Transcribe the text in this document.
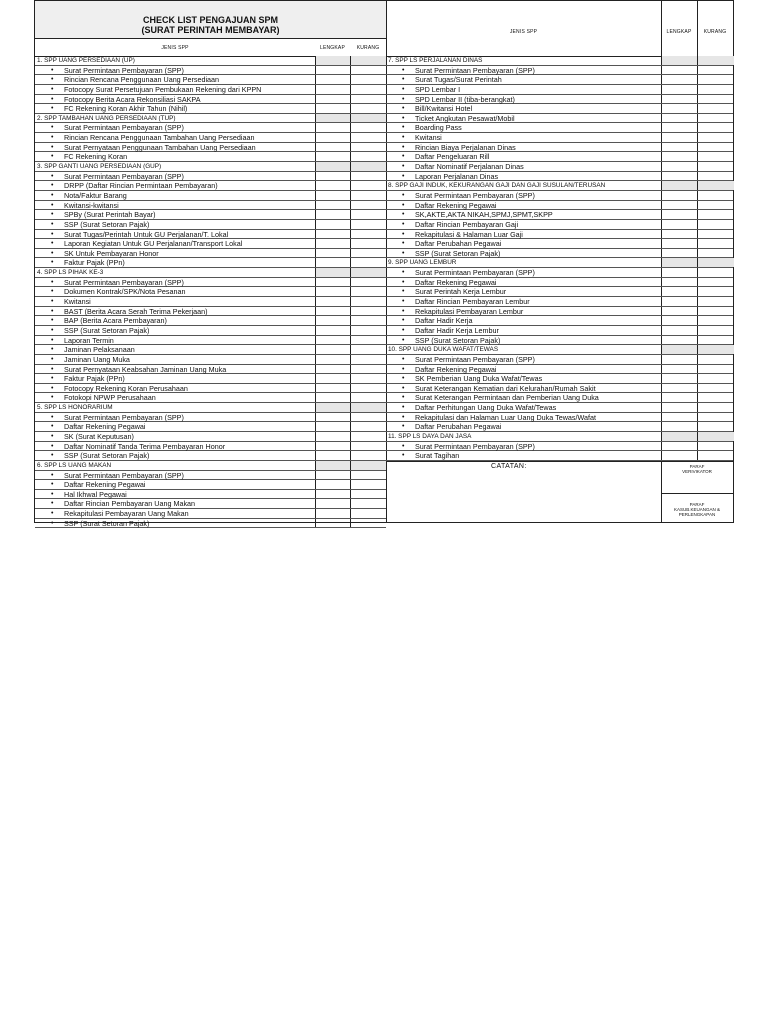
CHECK LIST PENGAJUAN SPM
(SURAT PERINTAH MEMBAYAR)
JENIS SPP	LENGKAP	KURANG
1. SPP UANG PERSEDIAAN (UP)
• Surat Permintaan Pembayaran (SPP)
• Rincian Rencana Penggunaan Uang Persediaan
• Fotocopy Surat Persetujuan Pembukaan Rekening dari KPPN
• Fotocopy Berita Acara Rekonsiliasi SAKPA
• FC Rekening Koran Akhir Tahun (Nihil)
2. SPP TAMBAHAN UANG PERSEDIAAN (TUP)
• Surat Permintaan Pembayaran (SPP)
• Rincian Rencana Penggunaan Tambahan Uang Persediaan
• Surat Pernyataan Penggunaan Tambahan Uang Persediaan
• FC Rekening Koran
3. SPP GANTI UANG PERSEDIAAN (GUP)
• Surat Permintaan Pembayaran (SPP)
• DRPP (Daftar Rincian Permintaan Pembayaran)
• Nota/Faktur Barang
• Kwitansi-kwitansi
• SPBy (Surat Perintah Bayar)
• SSP (Surat Setoran Pajak)
• Surat Tugas/Perintah Untuk GU Perjalanan/T. Lokal
• Laporan Kegiatan Untuk GU Perjalanan/Transport Lokal
• SK Untuk Pembayaran Honor
• Faktur Pajak (PPn)
4. SPP LS PIHAK KE-3
• Surat Permintaan Pembayaran (SPP)
• Dokumen Kontrak/SPK/Nota Pesanan
• Kwitansi
• BAST (Berita Acara Serah Terima Pekerjaan)
• BAP (Berita Acara Pembayaran)
• SSP (Surat Setoran Pajak)
• Laporan Termin
• Jaminan Pelaksanaan
• Jaminan Uang Muka
• Surat Pernyataan Keabsahan Jaminan Uang Muka
• Faktur Pajak (PPn)
• Fotocopy Rekening Koran Perusahaan
• Fotokopi NPWP Perusahaan
5. SPP LS HONORARIUM
• Surat Permintaan Pembayaran (SPP)
• Daftar Rekening Pegawai
• SK (Surat Keputusan)
• Daftar Nominatif Tanda Terima Pembayaran Honor
• SSP (Surat Setoran Pajak)
6. SPP LS UANG MAKAN
• Surat Permintaan Pembayaran (SPP)
• Daftar Rekening Pegawai
• Hal Ikhwal Pegawai
• Daftar Rincian Pembayaran Uang Makan
• Rekapitulasi Pembayaran Uang Makan
• SSP (Surat Setoran Pajak)
JENIS SPP	LENGKAP	KURANG
7. SPP LS PERJALANAN DINAS
• Surat Permintaan Pembayaran (SPP)
• Surat Tugas/Surat Perintah
• SPD Lembar I
• SPD Lembar II (tiba-berangkat)
• Bill/Kwitansi Hotel
• Ticket Angkutan Pesawat/Mobil
• Boarding Pass
• Kwitansi
• Rincian Biaya Perjalanan Dinas
• Daftar Pengeluaran Rill
• Daftar Nominatif Perjalanan Dinas
• Laporan Perjalanan Dinas
8. SPP GAJI INDUK, KEKURANGAN GAJI DAN GAJI SUSULAN/TERUSAN
• Surat Permintaan Pembayaran (SPP)
• Daftar Rekening Pegawai
• SK,AKTE,AKTA NIKAH,SPMJ,SPMT,SKPP
• Daftar Rincian Pembayaran Gaji
• Rekapitulasi & Halaman Luar Gaji
• Daftar Perubahan Pegawai
• SSP (Surat Setoran Pajak)
9. SPP UANG LEMBUR
• Surat Permintaan Pembayaran (SPP)
• Daftar Rekening Pegawai
• Surat Perintah Kerja Lembur
• Daftar Rincian Pembayaran Lembur
• Rekapitulasi Pembayaran Lembur
• Daftar Hadir Kerja
• Daftar Hadir Kerja Lembur
• SSP (Surat Setoran Pajak)
10. SPP UANG DUKA WAFAT/TEWAS
• Surat Permintaan Pembayaran (SPP)
• Daftar Rekening Pegawai
• SK Pemberian Uang Duka Wafat/Tewas
• Surat Keterangan Kematian dari Kelurahan/Rumah Sakit
• Surat Keterangan Permintaan dan Pemberian Uang Duka
• Daftar Perhitungan Uang Duka Wafat/Tewas
• Rekapitulasi dan Halaman Luar Uang Duka Tewas/Wafat
• Daftar Perubahan Pegawai
11. SPP LS DAYA DAN JASA
• Surat Permintaan Pembayaran (SPP)
• Surat Tagihan
CATATAN:	PARAF
VERIVIKATOR
PARAF
KASUB.KEUANGAN &
PERLENGKAPAN
